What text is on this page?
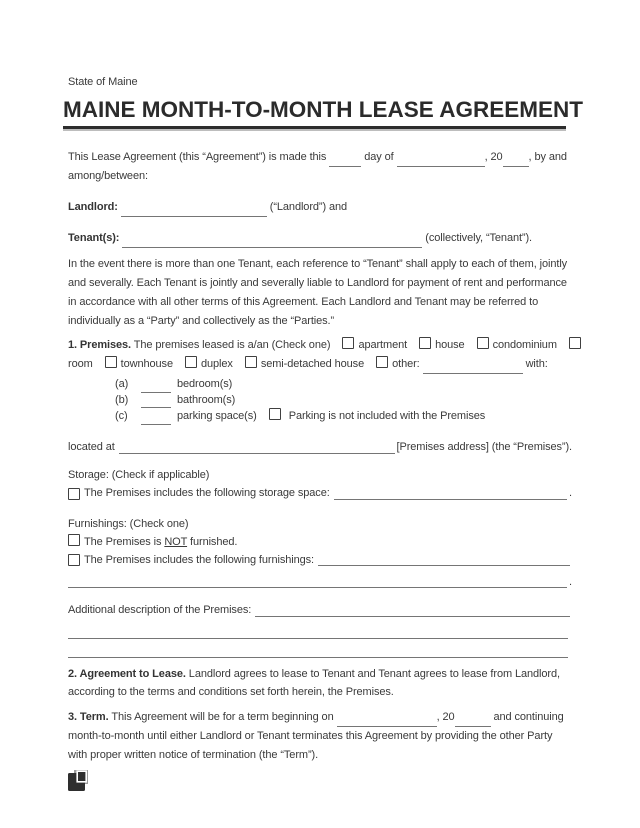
State of Maine
MAINE MONTH-TO-MONTH LEASE AGREEMENT
This Lease Agreement (this “Agreement”) is made this	day of	, 20 , by and
among/between:
Landlord:	(“Landlord”) and
Tenant(s):	(collectively, “Tenant”).
In the event there is more than one Tenant, each reference to “Tenant” shall apply to each of them, jointly
and severally. Each Tenant is jointly and severally liable to Landlord for payment of rent and performance
in accordance with all other terms of this Agreement. Each Landlord and Tenant may be referred to
individually as a “Party” and collectively as the “Parties.”
1. Premises. The premises leased is a/an (Check one)	apartment	house	condominium
room	townhouse	duplex	semi-detached house	other:	with:
(a)	bedroom(s)
(b)	bathroom(s)
(c)	parking space(s)	Parking is not included with the Premises
located at	[Premises address] (the “Premises”).
Storage: (Check if applicable)
The Premises includes the following storage space:	.
Furnishings: (Check one)
The Premises is NOT furnished.
The Premises includes the following furnishings:
.
Additional description of the Premises:
2. Agreement to Lease. Landlord agrees to lease to Tenant and Tenant agrees to lease from Landlord,
according to the terms and conditions set forth herein, the Premises.
3. Term. This Agreement will be for a term beginning on	, 20	and continuing
month-to-month until either Landlord or Tenant terminates this Agreement by providing the other Party
with proper written notice of termination (the “Term”).
